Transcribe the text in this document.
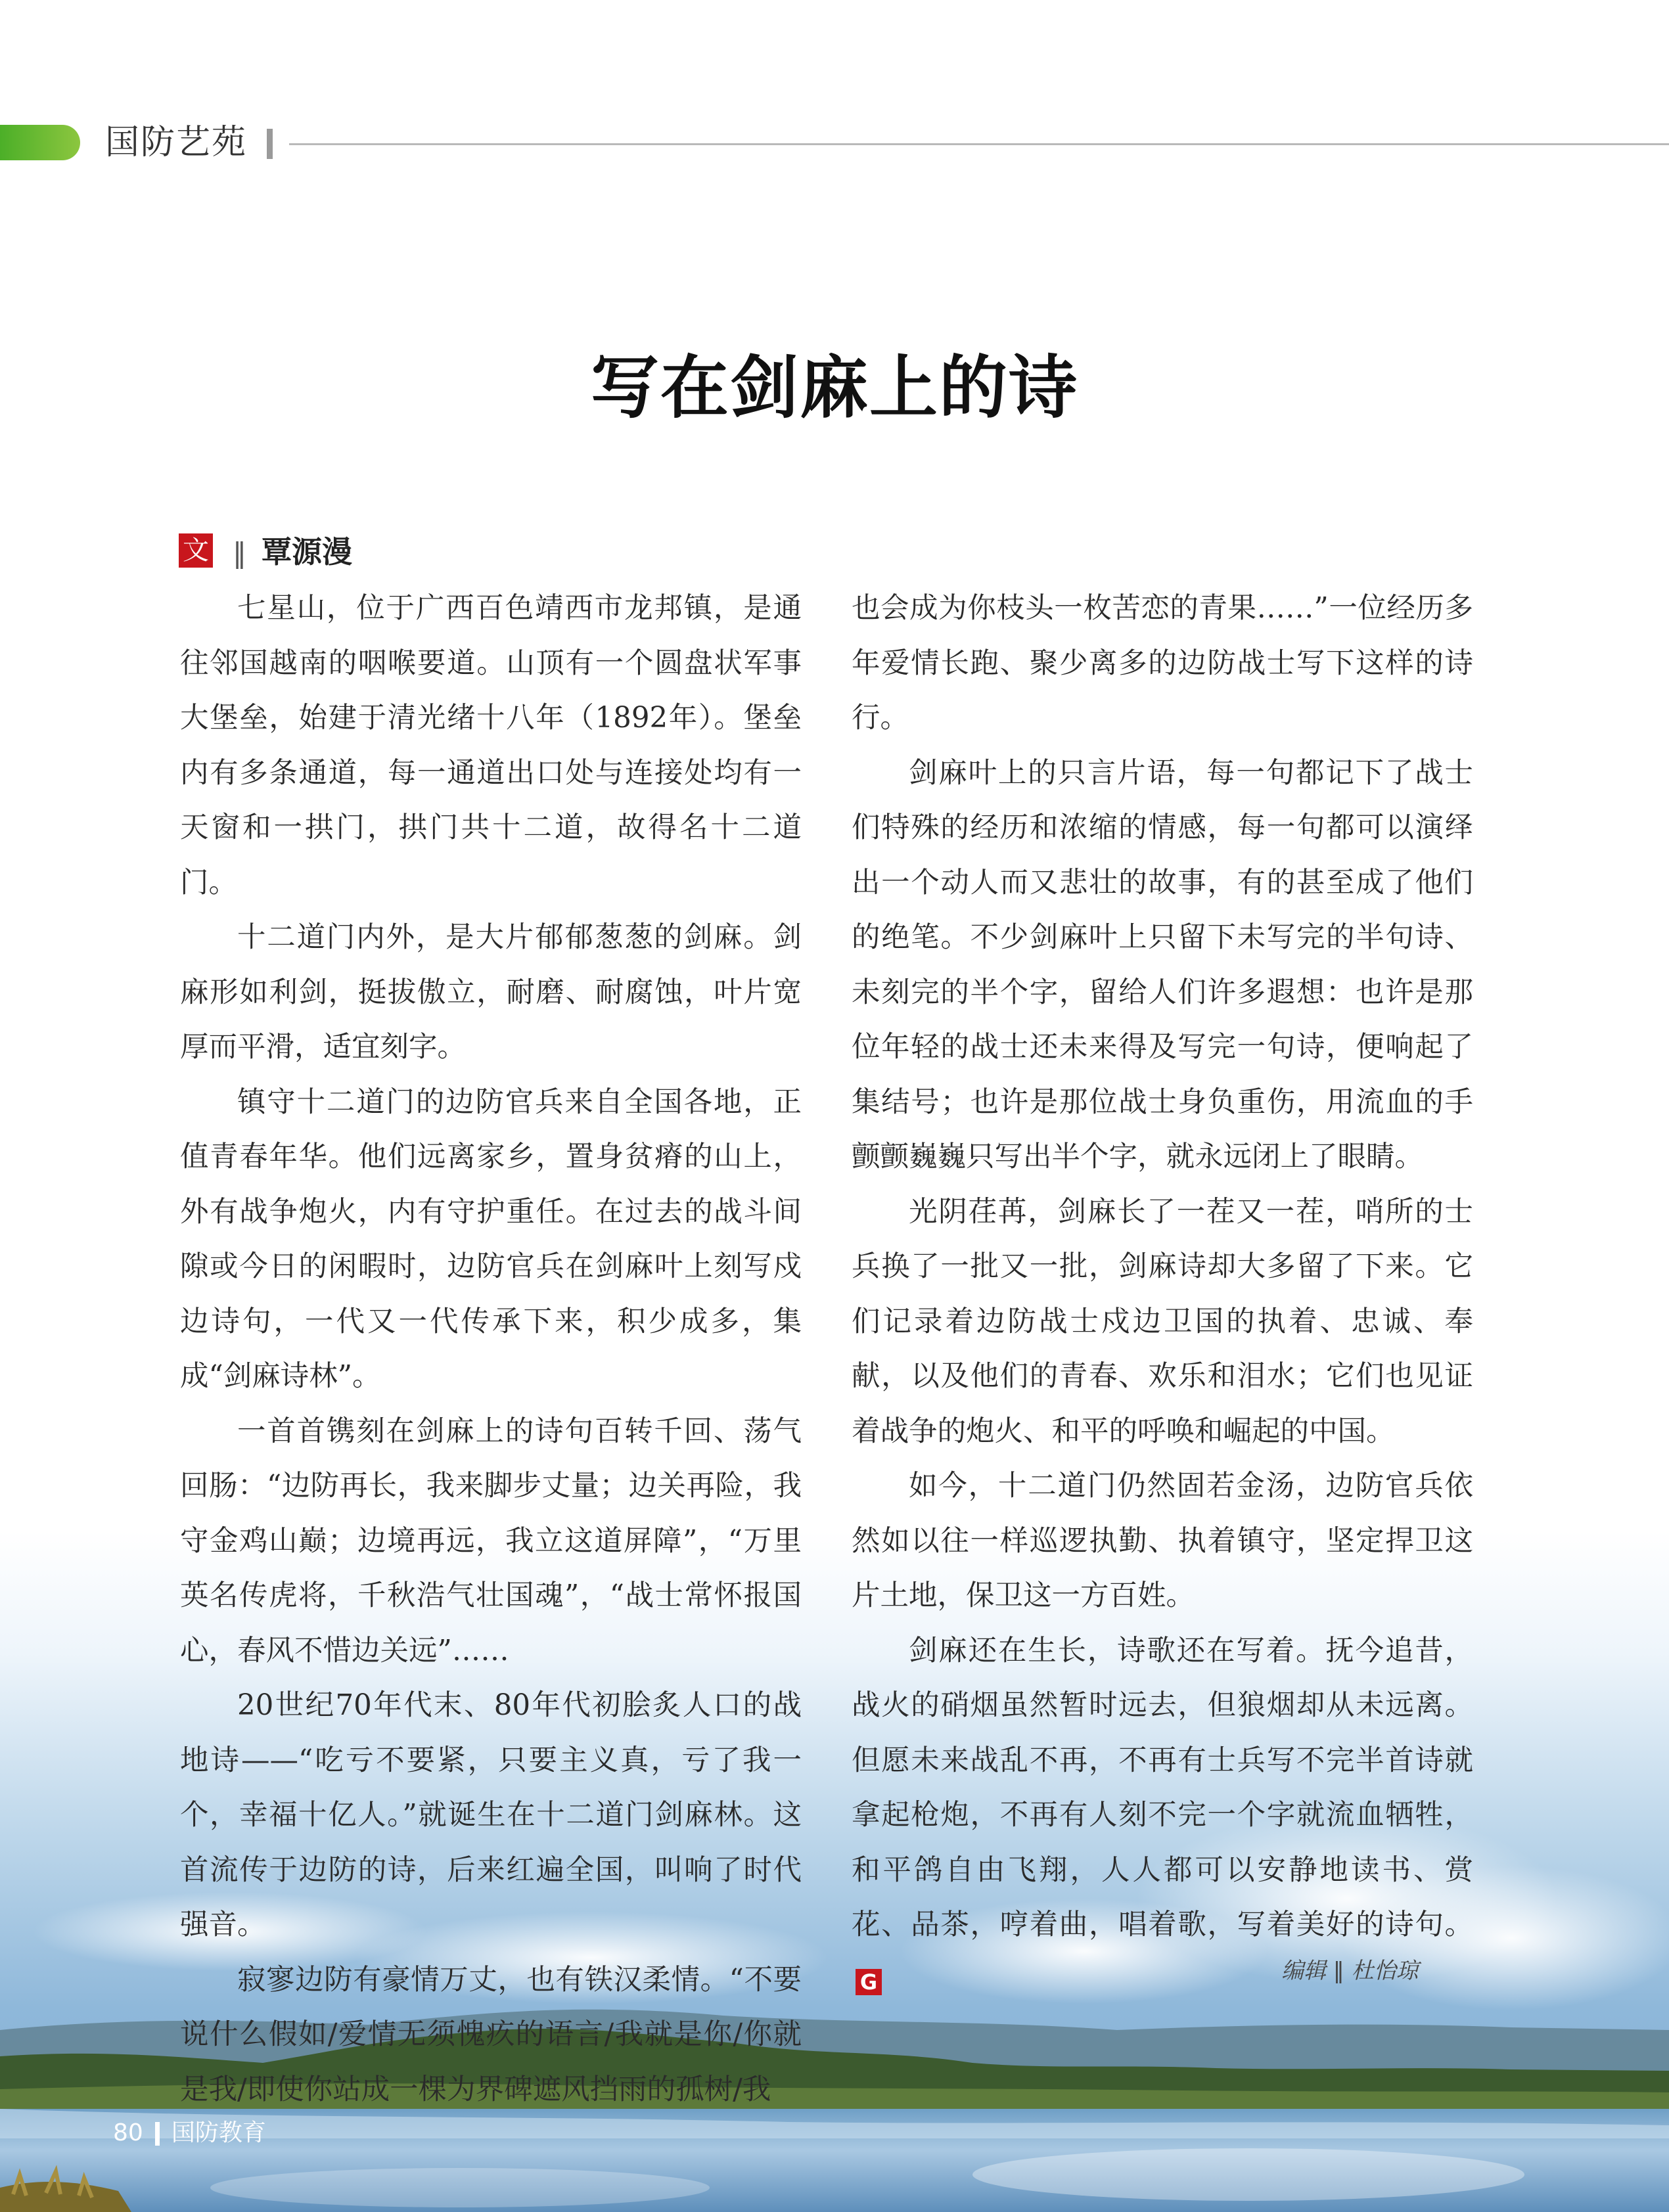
国防艺苑
写在剑麻上的诗
文 ‖ 覃源漫

七星山，位于广西百色靖西市龙邦镇，是通往邻国越南的咽喉要道。山顶有一个圆盘状军事大堡垒，始建于清光绪十八年（1892年）。堡垒内有多条通道，每一通道出口处与连接处均有一天窗和一拱门，拱门共十二道，故得名十二道门。

十二道门内外，是大片郁郁葱葱的剑麻。剑麻形如利剑，挺拔傲立，耐磨、耐腐蚀，叶片宽厚而平滑，适宜刻字。

镇守十二道门的边防官兵来自全国各地，正值青春年华。他们远离家乡，置身贫瘠的山上，外有战争炮火，内有守护重任。在过去的战斗间隙或今日的闲暇时，边防官兵在剑麻叶上刻写戍边诗句，一代又一代传承下来，积少成多，集成“剑麻诗林”。

一首首镌刻在剑麻上的诗句百转千回、荡气回肠：“边防再长，我来脚步丈量；边关再险，我守金鸡山巅；边境再远，我立这道屏障”，“万里英名传虎将，千秋浩气壮国魂”，“战士常怀报国心，春风不惜边关远”……

20世纪70年代末、80年代初脍炙人口的战地诗——“吃亏不要紧，只要主义真，亏了我一个，幸福十亿人。”就诞生在十二道门剑麻林。这首流传于边防的诗，后来红遍全国，叫响了时代强音。

寂寥边防有豪情万丈，也有铁汉柔情。“不要说什么假如/爱情无须愧疚的语言/我就是你/你就是我/即使你站成一棵为界碑遮风挡雨的孤树/我

也会成为你枝头一枚苦恋的青果……”一位经历多年爱情长跑、聚少离多的边防战士写下这样的诗行。

剑麻叶上的只言片语，每一句都记下了战士们特殊的经历和浓缩的情感，每一句都可以演绎出一个动人而又悲壮的故事，有的甚至成了他们的绝笔。不少剑麻叶上只留下未写完的半句诗、未刻完的半个字，留给人们许多遐想：也许是那位年轻的战士还未来得及写完一句诗，便响起了集结号；也许是那位战士身负重伤，用流血的手颤颤巍巍只写出半个字，就永远闭上了眼睛。

光阴荏苒，剑麻长了一茬又一茬，哨所的士兵换了一批又一批，剑麻诗却大多留了下来。它们记录着边防战士戍边卫国的执着、忠诚、奉献，以及他们的青春、欢乐和泪水；它们也见证着战争的炮火、和平的呼唤和崛起的中国。

如今，十二道门仍然固若金汤，边防官兵依然如以往一样巡逻执勤、执着镇守，坚定捍卫这片土地，保卫这一方百姓。

剑麻还在生长，诗歌还在写着。抚今追昔，战火的硝烟虽然暂时远去，但狼烟却从未远离。但愿未来战乱不再，不再有士兵写不完半首诗就拿起枪炮，不再有人刻不完一个字就流血牺牲，和平鸽自由飞翔，人人都可以安静地读书、赏花、品茶，哼着曲，唱着歌，写着美好的诗句。G	编辑 ‖ 杜怡琼
80 国防教育
